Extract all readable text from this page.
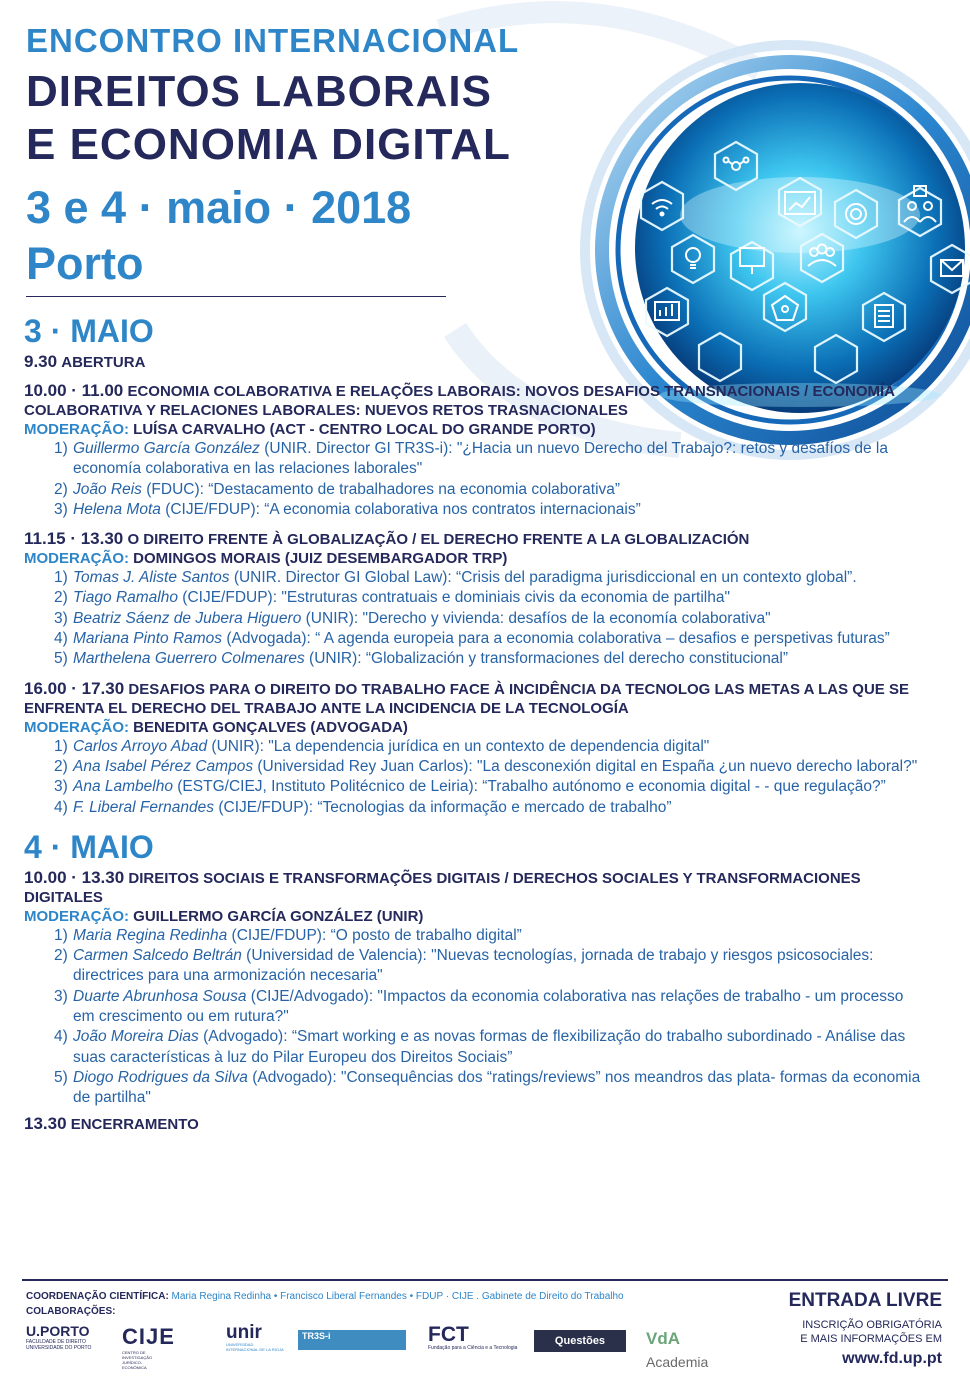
ENCONTRO INTERNACIONAL
DIREITOS LABORAIS
E ECONOMIA DIGITAL
3 e 4 · maio · 2018
Porto
3 · MAIO
9.30 ABERTURA
10.00 · 11.00 ECONOMIA COLABORATIVA E RELAÇÕES LABORAIS: NOVOS DESAFIOS TRANSNACIONAIS / ECONOMÍA COLABORATIVA Y RELACIONES LABORALES: NUEVOS RETOS TRASNACIONALES
MODERAÇÃO: LUÍSA CARVALHO (ACT - CENTRO LOCAL DO GRANDE PORTO)
1) Guillermo García González (UNIR. Director GI TR3S-i): "¿Hacia un nuevo Derecho del Trabajo?: retos y desafíos de la economía colaborativa en las relaciones laborales"
2) João Reis (FDUC): “Destacamento de trabalhadores na economia colaborativa”
3) Helena Mota (CIJE/FDUP): “A economia colaborativa nos contratos internacionais”
11.15 · 13.30 O DIREITO FRENTE À GLOBALIZAÇÃO / EL DERECHO FRENTE A LA GLOBALIZACIÓN
MODERAÇÃO: DOMINGOS MORAIS (JUIZ DESEMBARGADOR TRP)
1) Tomas J. Aliste Santos (UNIR. Director GI Global Law): “Crisis del paradigma jurisdiccional en un contexto global”.
2) Tiago Ramalho (CIJE/FDUP): "Estruturas contratuais e dominiais civis da economia de partilha"
3) Beatriz Sáenz de Jubera Higuero (UNIR): "Derecho y vivienda: desafíos de la economía colaborativa"
4) Mariana Pinto Ramos (Advogada): “ A agenda europeia para a economia colaborativa – desafios e perspetivas futuras”
5) Marthelena Guerrero Colmenares (UNIR): “Globalización y transformaciones del derecho constitucional”
16.00 · 17.30 DESAFIOS PARA O DIREITO DO TRABALHO FACE À INCIDÊNCIA DA TECNOLOG LAS METAS A LAS QUE SE ENFRENTA EL DERECHO DEL TRABAJO ANTE LA INCIDENCIA DE LA TECNOLOGÍA
MODERAÇÃO: BENEDITA GONÇALVES (ADVOGADA)
1) Carlos Arroyo Abad (UNIR): "La dependencia jurídica en un contexto de dependencia digital"
2) Ana Isabel Pérez Campos (Universidad Rey Juan Carlos): "La desconexión digital en España ¿un nuevo derecho laboral?"
3) Ana Lambelho (ESTG/CIEJ, Instituto Politécnico de Leiria): “Trabalho autónomo e economia digital - - que regulação?”
4) F. Liberal Fernandes (CIJE/FDUP): “Tecnologias da informação e mercado de trabalho”
4 · MAIO
10.00 · 13.30 DIREITOS SOCIAIS E TRANSFORMAÇÕES DIGITAIS / DERECHOS SOCIALES Y TRANSFORMACIONES DIGITALES
MODERAÇÃO: GUILLERMO GARCÍA GONZÁLEZ (UNIR)
1) Maria Regina Redinha (CIJE/FDUP): “O posto de trabalho digital”
2) Carmen Salcedo Beltrán (Universidad de Valencia): "Nuevas tecnologías, jornada de trabajo y riesgos psicosociales: directrices para una armonización necesaria"
3) Duarte Abrunhosa Sousa (CIJE/Advogado): "Impactos da economia colaborativa nas relações de trabalho - um processo em crescimento ou em rutura?"
4) João Moreira Dias (Advogado): “Smart working e as novas formas de flexibilização do trabalho subordinado - Análise das suas características à luz do Pilar Europeu dos Direitos Sociais”
5) Diogo Rodrigues da Silva (Advogado): "Consequências dos “ratings/reviews” nos meandros das plata- formas da economia de partilha"
13.30 ENCERRAMENTO
COORDENAÇÃO CIENTÍFICA: Maria Regina Redinha • Francisco Liberal Fernandes • FDUP · CIJE . Gabinete de Direito do Trabalho
COLABORAÇÕES:
U.PORTO
FACULDADE DE DIREITO
UNIVERSIDADE DO PORTO	CIJE CENTRO DE INVESTIGAÇÃO JURÍDICO-ECONÓMICA
unir
UNIVERSIDAD INTERNACIONAL DE LA RIOJA
TR3S-i	FCT
Fundação para a Ciência e a Tecnologia
Questões Laborais
VdA Academia
ENTRADA LIVRE
INSCRIÇÃO OBRIGATÓRIA
E MAIS INFORMAÇÕES EM
www.fd.up.pt
